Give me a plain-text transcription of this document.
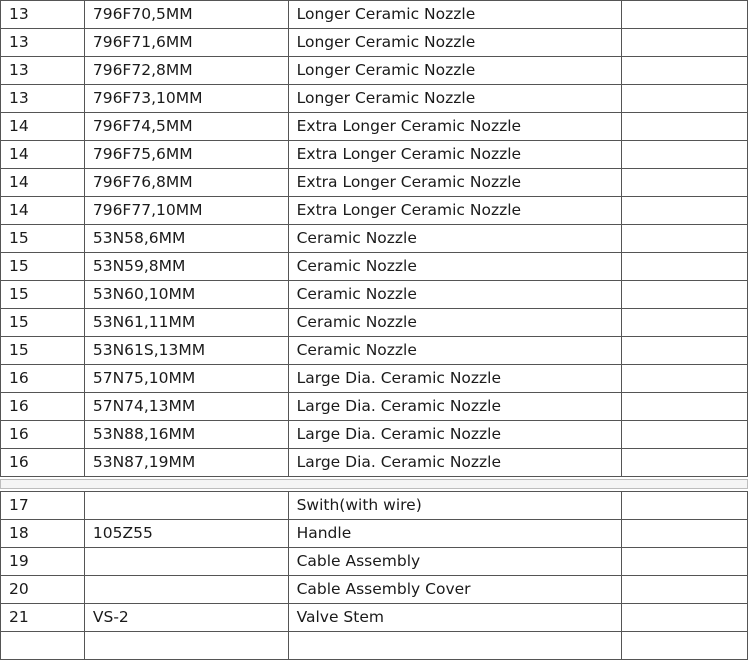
13	796F70,5MM	Longer Ceramic Nozzle	
13	796F71,6MM	Longer Ceramic Nozzle	
13	796F72,8MM	Longer Ceramic Nozzle	
13	796F73,10MM	Longer Ceramic Nozzle	
14	796F74,5MM	Extra Longer Ceramic Nozzle	
14	796F75,6MM	Extra Longer Ceramic Nozzle	
14	796F76,8MM	Extra Longer Ceramic Nozzle	
14	796F77,10MM	Extra Longer Ceramic Nozzle	
15	53N58,6MM	Ceramic Nozzle	
15	53N59,8MM	Ceramic Nozzle	
15	53N60,10MM	Ceramic Nozzle	
15	53N61,11MM	Ceramic Nozzle	
15	53N61S,13MM	Ceramic Nozzle	
16	57N75,10MM	Large Dia. Ceramic Nozzle	
16	57N74,13MM	Large Dia. Ceramic Nozzle	
16	53N88,16MM	Large Dia. Ceramic Nozzle	
16	53N87,19MM	Large Dia. Ceramic Nozzle	
17		Swith(with wire)	
18	105Z55	Handle	
19		Cable Assembly	
20		Cable Assembly Cover	
21	VS-2	Valve Stem	
